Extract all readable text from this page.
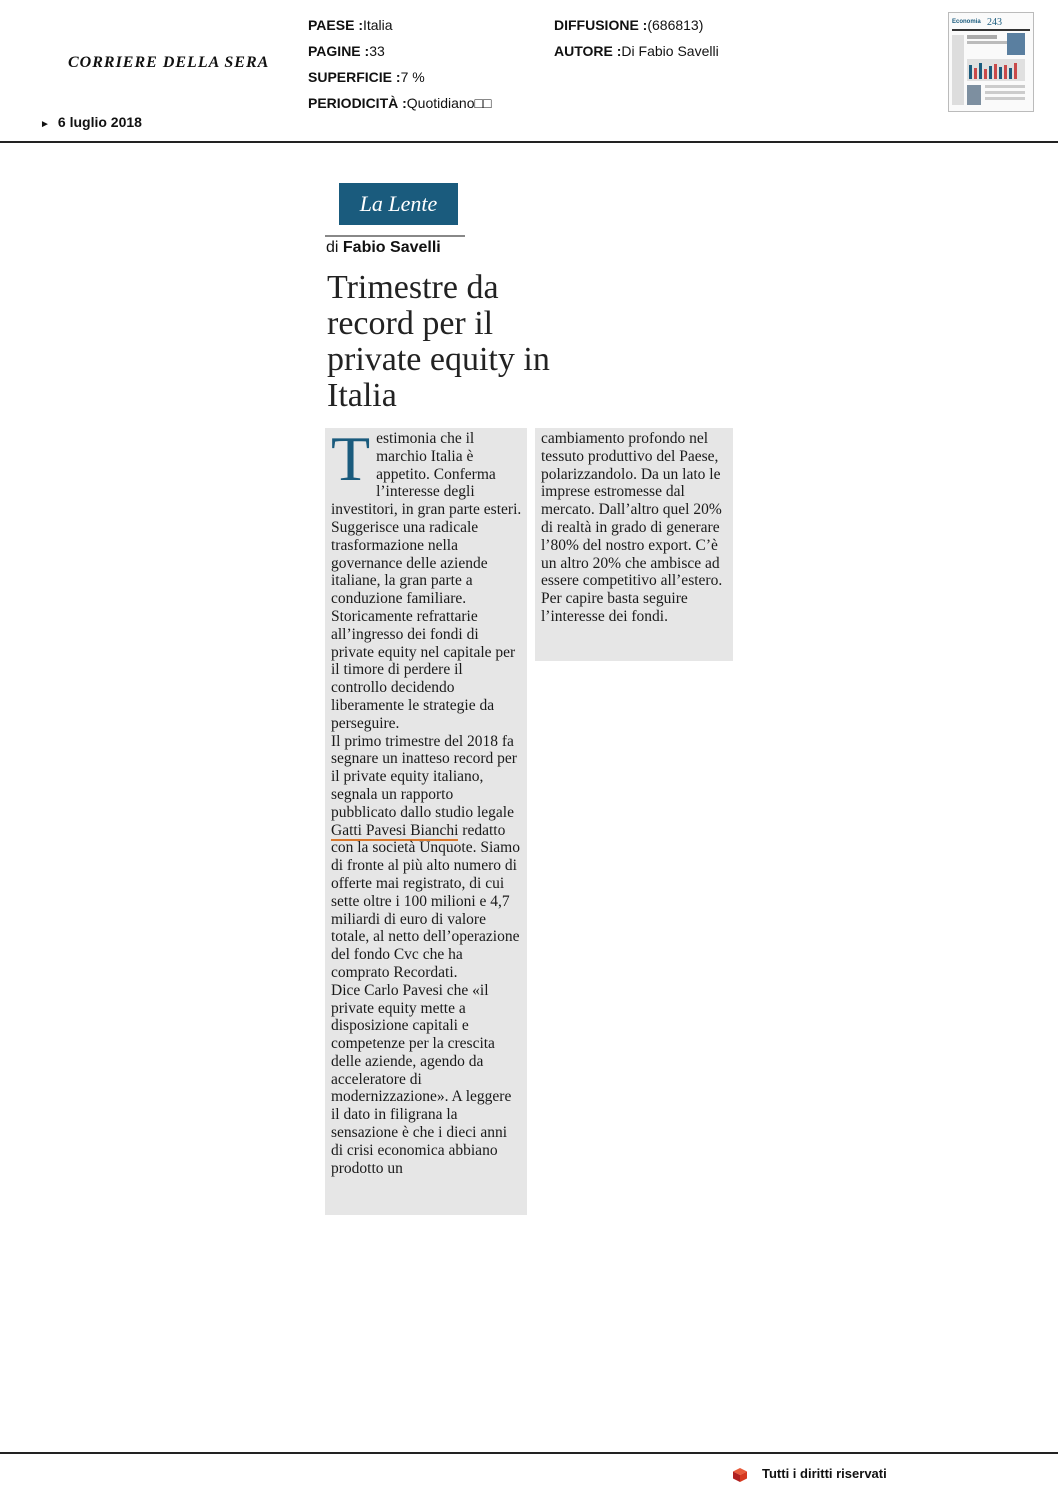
CORRIERE DELLA SERA
PAESE :Italia
PAGINE :33
SUPERFICIE :7 %
PERIODICITÀ :Quotidiano□□
DIFFUSIONE :(686813)
AUTORE :Di Fabio Savelli
► 6 luglio 2018
Economia 243
La Lente
di Fabio Savelli
Trimestre da record per il private equity in Italia

Testimonia che il marchio Italia è appetito. Conferma l’interesse degli investitori, in gran parte esteri. Suggerisce una radicale trasformazione nella governance delle aziende italiane, la gran parte a conduzione familiare. Storicamente refrattarie all’ingresso dei fondi di private equity nel capitale per il timore di perdere il controllo decidendo liberamente le strategie da perseguire.

Il primo trimestre del 2018 fa segnare un inatteso record per il private equity italiano, segnala un rapporto pubblicato dallo studio legale Gatti Pavesi Bianchi redatto con la società Unquote. Siamo di fronte al più alto numero di offerte mai registrato, di cui sette oltre i 100 milioni e 4,7 miliardi di euro di valore totale, al netto dell’operazione del fondo Cvc che ha comprato Recordati.

Dice Carlo Pavesi che «il private equity mette a disposizione capitali e competenze per la crescita delle aziende, agendo da acceleratore di modernizzazione». A leggere il dato in filigrana la sensazione è che i dieci anni di crisi economica abbiano prodotto un

cambiamento profondo nel tessuto produttivo del Paese, polarizzandolo. Da un lato le imprese estromesse dal mercato. Dall’altro quel 20% di realtà in grado di generare l’80% del nostro export. C’è un altro 20% che ambisce ad essere competitivo all’estero. Per capire basta seguire l’interesse dei fondi.

Tutti i diritti riservati
